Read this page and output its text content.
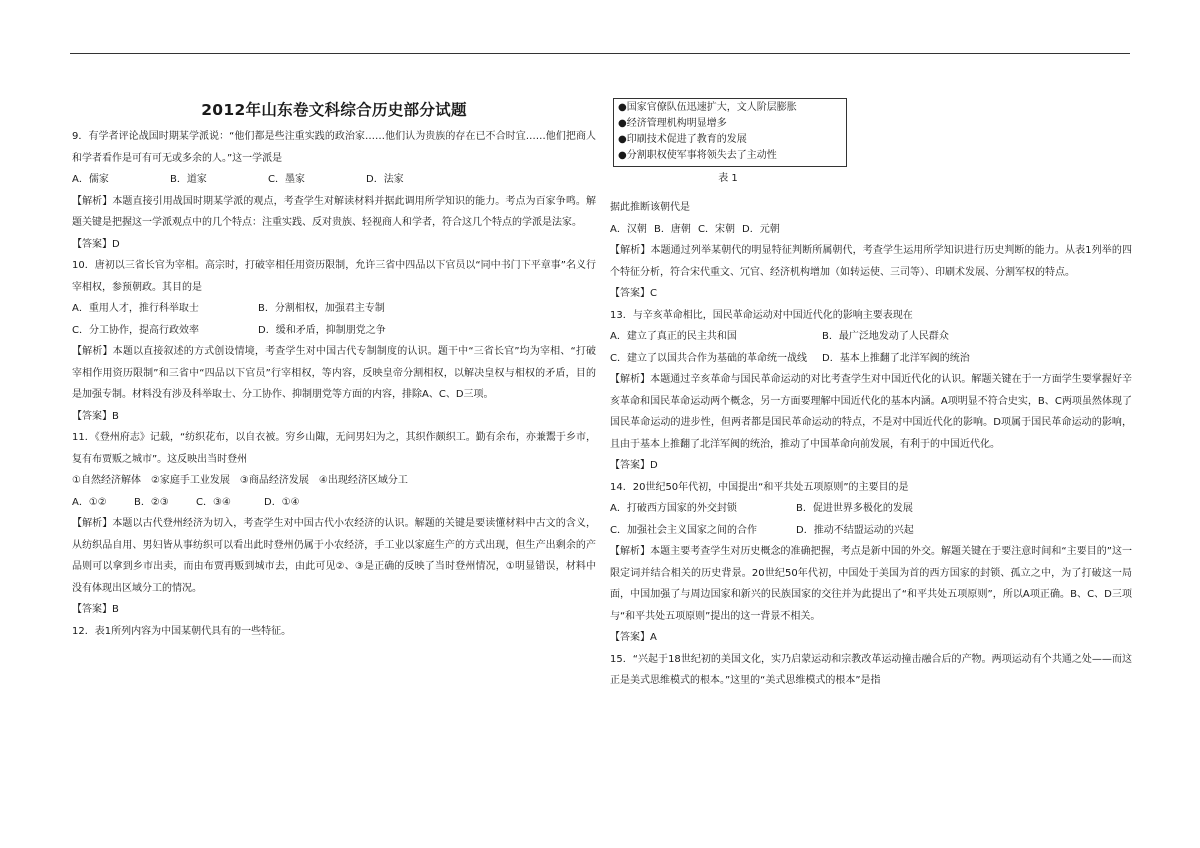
2012年山东卷文科综合历史部分试题

9．有学者评论战国时期某学派说：“他们都是些注重实践的政治家……他们认为贵族的存在已不合时宜……他们把商人和学者看作是可有可无或多余的人。”这一学派是

A．儒家	B．道家	C．墨家	D．法家

【解析】本题直接引用战国时期某学派的观点，考查学生对解读材料并据此调用所学知识的能力。考点为百家争鸣。解题关键是把握这一学派观点中的几个特点：注重实践、反对贵族、轻视商人和学者，符合这几个特点的学派是法家。

【答案】D

10．唐初以三省长官为宰相。高宗时，打破宰相任用资历限制，允许三省中四品以下官员以“同中书门下平章事”名义行宰相权，参预朝政。其目的是

A．重用人才，推行科举取士	B．分割相权，加强君主专制
C．分工协作，提高行政效率	D．缓和矛盾，抑制朋党之争

【解析】本题以直接叙述的方式创设情境，考查学生对中国古代专制制度的认识。题干中“三省长官”均为宰相、“打破宰相作用资历限制”和三省中“四品以下官员”行宰相权，等内容，反映皇帝分割相权，以解决皇权与相权的矛盾，目的是加强专制。材料没有涉及科举取士、分工协作、抑制朋党等方面的内容，排除A、C、D三项。

【答案】B

11．《登州府志》记载，“纺织花布，以自衣被。穷乡山陬，无问男妇为之，其织作颇织工。勤有余布，亦兼鬻于乡市，复有布贾贩之城市”。这反映出当时登州

①自然经济解体　②家庭手工业发展　③商品经济发展　④出现经济区域分工

A．①②	B．②③	C．③④	D．①④

【解析】本题以古代登州经济为切入，考查学生对中国古代小农经济的认识。解题的关键是要读懂材料中古文的含义，从纺织品自用、男妇皆从事纺织可以看出此时登州仍属于小农经济，手工业以家庭生产的方式出现，但生产出剩余的产品则可以拿到乡市出卖，而由布贾再贩到城市去，由此可见②、③是正确的反映了当时登州情况，①明显错误，材料中没有体现出区域分工的情况。

【答案】B

12．表1所列内容为中国某朝代具有的一些特征。

●国家官僚队伍迅速扩大，文人阶层膨胀
●经济管理机构明显增多
●印刷技术促进了教育的发展
●分割职权使军事将领失去了主动性
表 1

据此推断该朝代是

A．汉朝 B．唐朝 C．宋朝 D．元朝

【解析】本题通过列举某朝代的明显特征判断所属朝代，考查学生运用所学知识进行历史判断的能力。从表1列举的四个特征分析，符合宋代重文、冗官、经济机构增加（如转运使、三司等）、印刷术发展、分割军权的特点。

【答案】C

13．与辛亥革命相比，国民革命运动对中国近代化的影响主要表现在

A．建立了真正的民主共和国	B．最广泛地发动了人民群众
C．建立了以国共合作为基础的革命统一战线	D．基本上推翻了北洋军阀的统治

【解析】本题通过辛亥革命与国民革命运动的对比考查学生对中国近代化的认识。解题关键在于一方面学生要掌握好辛亥革命和国民革命运动两个概念，另一方面要理解中国近代化的基本内涵。A项明显不符合史实，B、C两项虽然体现了国民革命运动的进步性，但两者都是国民革命运动的特点，不是对中国近代化的影响。D项属于国民革命运动的影响，且由于基本上推翻了北洋军阀的统治，推动了中国革命向前发展，有利于的中国近代化。

【答案】D

14．20世纪50年代初，中国提出“和平共处五项原则”的主要目的是

A．打破西方国家的外交封锁	B．促进世界多极化的发展
C．加强社会主义国家之间的合作	D．推动不结盟运动的兴起

【解析】本题主要考查学生对历史概念的准确把握，考点是新中国的外交。解题关键在于要注意时间和“主要目的”这一限定词并结合相关的历史背景。20世纪50年代初，中国处于美国为首的西方国家的封锁、孤立之中，为了打破这一局面，中国加强了与周边国家和新兴的民族国家的交往并为此提出了“和平共处五项原则”，所以A项正确。B、C、D三项与“和平共处五项原则”提出的这一背景不相关。

【答案】A

15．“兴起于18世纪初的美国文化，实乃启蒙运动和宗教改革运动撞击融合后的产物。两项运动有个共通之处——而这正是美式思维模式的根本。”这里的“美式思维模式的根本”是指
